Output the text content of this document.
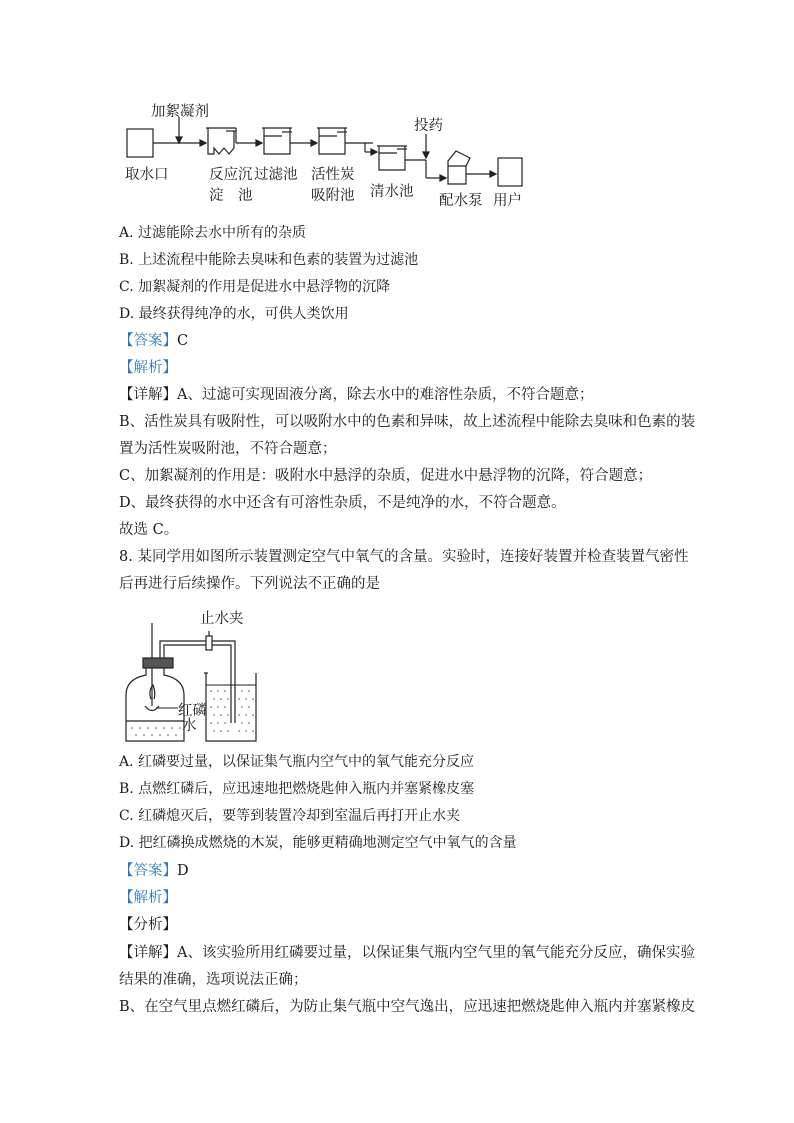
加絮凝剂
投药
取水口	反应沉
淀　池
过滤池 活性炭
吸附池 清水池
配水泵 用户
A. 过滤能除去水中所有的杂质
B. 上述流程中能除去臭味和色素的装置为过滤池
C. 加絮凝剂的作用是促进水中悬浮物的沉降
D. 最终获得纯净的水，可供人类饮用
【答案】C
【解析】
【详解】A、过滤可实现固液分离，除去水中的难溶性杂质，不符合题意；
B、活性炭具有吸附性，可以吸附水中的色素和异味，故上述流程中能除去臭味和色素的装
置为活性炭吸附池，不符合题意；
C、加絮凝剂的作用是：吸附水中悬浮的杂质，促进水中悬浮物的沉降，符合题意；
D、最终获得的水中还含有可溶性杂质，不是纯净的水，不符合题意。
故选 C。
8. 某同学用如图所示装置测定空气中氧气的含量。实验时，连接好装置并检查装置气密性
后再进行后续操作。下列说法不正确的是
止水夹
红磷
水
A. 红磷要过量，以保证集气瓶内空气中的氧气能充分反应
B. 点燃红磷后，应迅速地把燃烧匙伸入瓶内并塞紧橡皮塞
C. 红磷熄灭后，要等到装置冷却到室温后再打开止水夹
D. 把红磷换成燃烧的木炭，能够更精确地测定空气中氧气的含量
【答案】D
【解析】
【分析】
【详解】A、该实验所用红磷要过量，以保证集气瓶内空气里的氧气能充分反应，确保实验
结果的准确，选项说法正确；
B、在空气里点燃红磷后，为防止集气瓶中空气逸出，应迅速把燃烧匙伸入瓶内并塞紧橡皮
